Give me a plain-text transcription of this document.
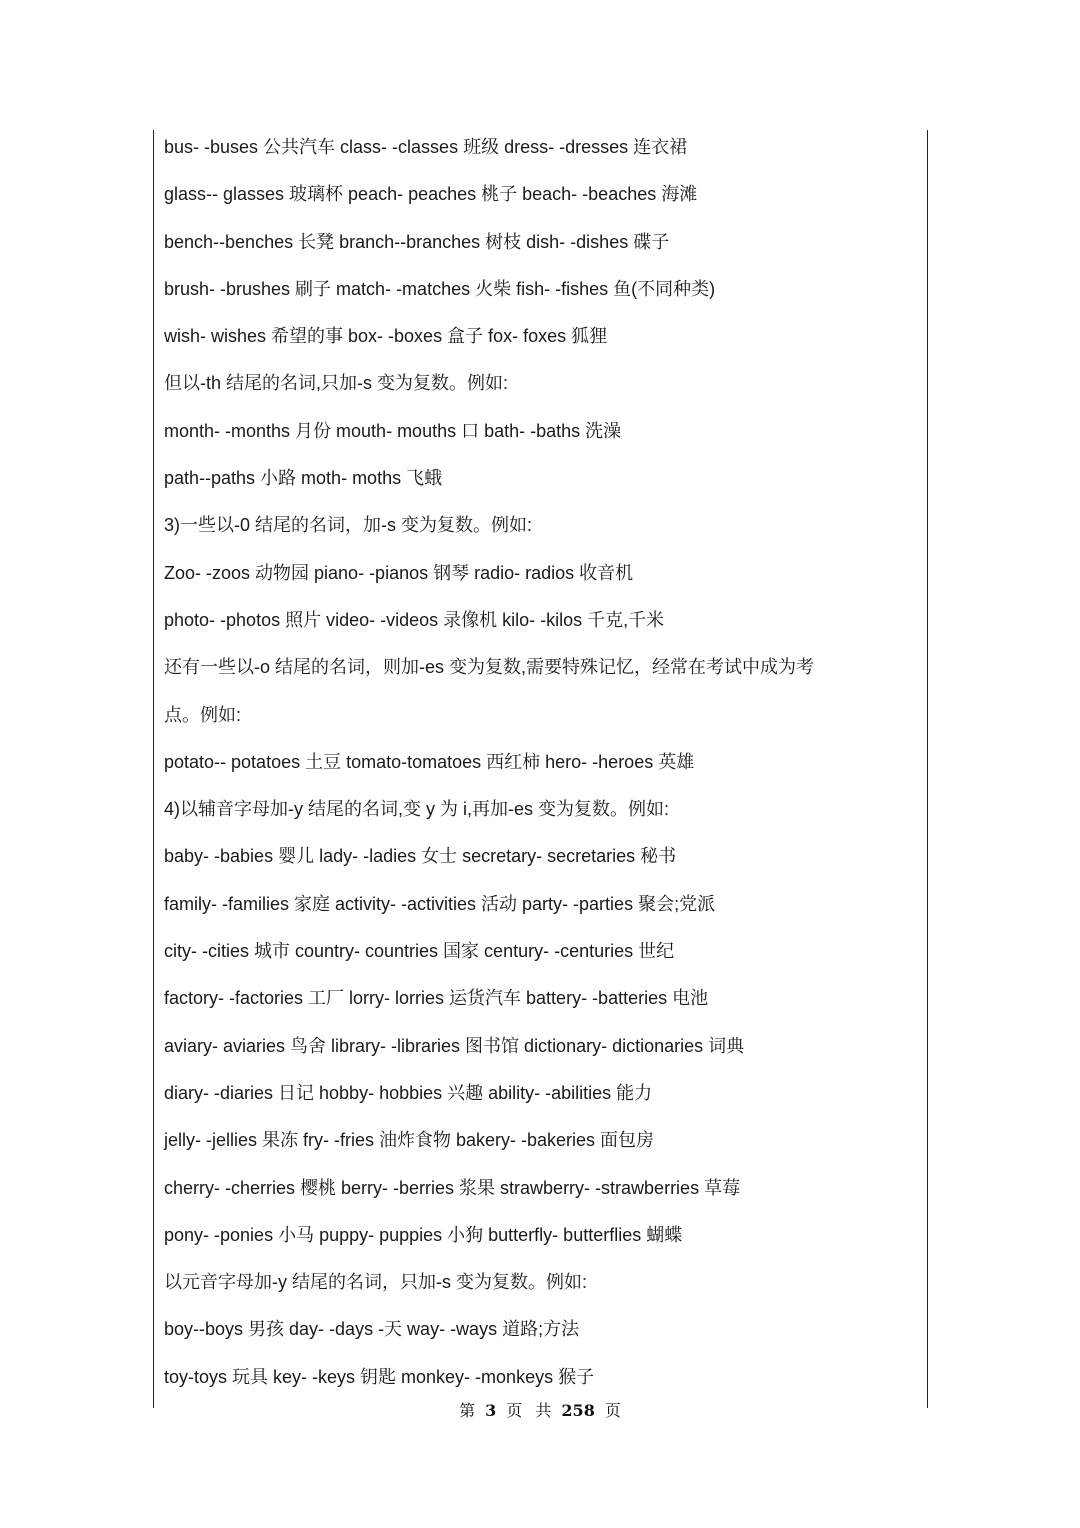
bus- -buses 公共汽车 class- -classes 班级 dress- -dresses 连衣裙
glass-- glasses 玻璃杯 peach- peaches 桃子 beach- -beaches 海滩
bench--benches 长凳 branch--branches 树枝 dish- -dishes 碟子
brush- -brushes 刷子 match- -matches 火柴 fish- -fishes 鱼(不同种类)
wish- wishes 希望的事 box- -boxes 盒子 fox- foxes 狐狸
但以-th 结尾的名词,只加-s 变为复数。例如:
month- -months 月份 mouth- mouths 口 bath- -baths 洗澡
path--paths 小路 moth- moths 飞蛾
3)一些以-0 结尾的名词，加-s 变为复数。例如:
Zoo- -zoos 动物园 piano- -pianos 钢琴 radio- radios 收音机
photo- -photos 照片 video- -videos 录像机 kilo- -kilos 千克,千米
还有一些以-o 结尾的名词，则加-es 变为复数,需要特殊记忆，经常在考试中成为考
点。例如:
potato-- potatoes 土豆 tomato-tomatoes 西红柿 hero- -heroes 英雄
4)以辅音字母加-y 结尾的名词,变 y 为 i,再加-es 变为复数。例如:
baby- -babies 婴儿 lady- -ladies 女士 secretary- secretaries 秘书
family- -families 家庭 activity- -activities 活动 party- -parties 聚会;党派
city- -cities 城市 country- countries 国家 century- -centuries 世纪
factory- -factories 工厂 lorry- lorries 运货汽车 battery- -batteries 电池
aviary- aviaries 鸟舍 library- -libraries 图书馆 dictionary- dictionaries 词典
diary- -diaries 日记 hobby- hobbies 兴趣 ability- -abilities 能力
jelly- -jellies 果冻 fry- -fries 油炸食物 bakery- -bakeries 面包房
cherry- -cherries 樱桃 berry- -berries 浆果 strawberry- -strawberries 草莓
pony- -ponies 小马 puppy- puppies 小狗 butterfly- butterflies 蝴蝶
以元音字母加-y 结尾的名词，只加-s 变为复数。例如:
boy--boys 男孩 day- -days -天 way- -ways 道路;方法
toy-toys 玩具 key- -keys 钥匙 monkey- -monkeys 猴子
第 3 页 共 258 页
